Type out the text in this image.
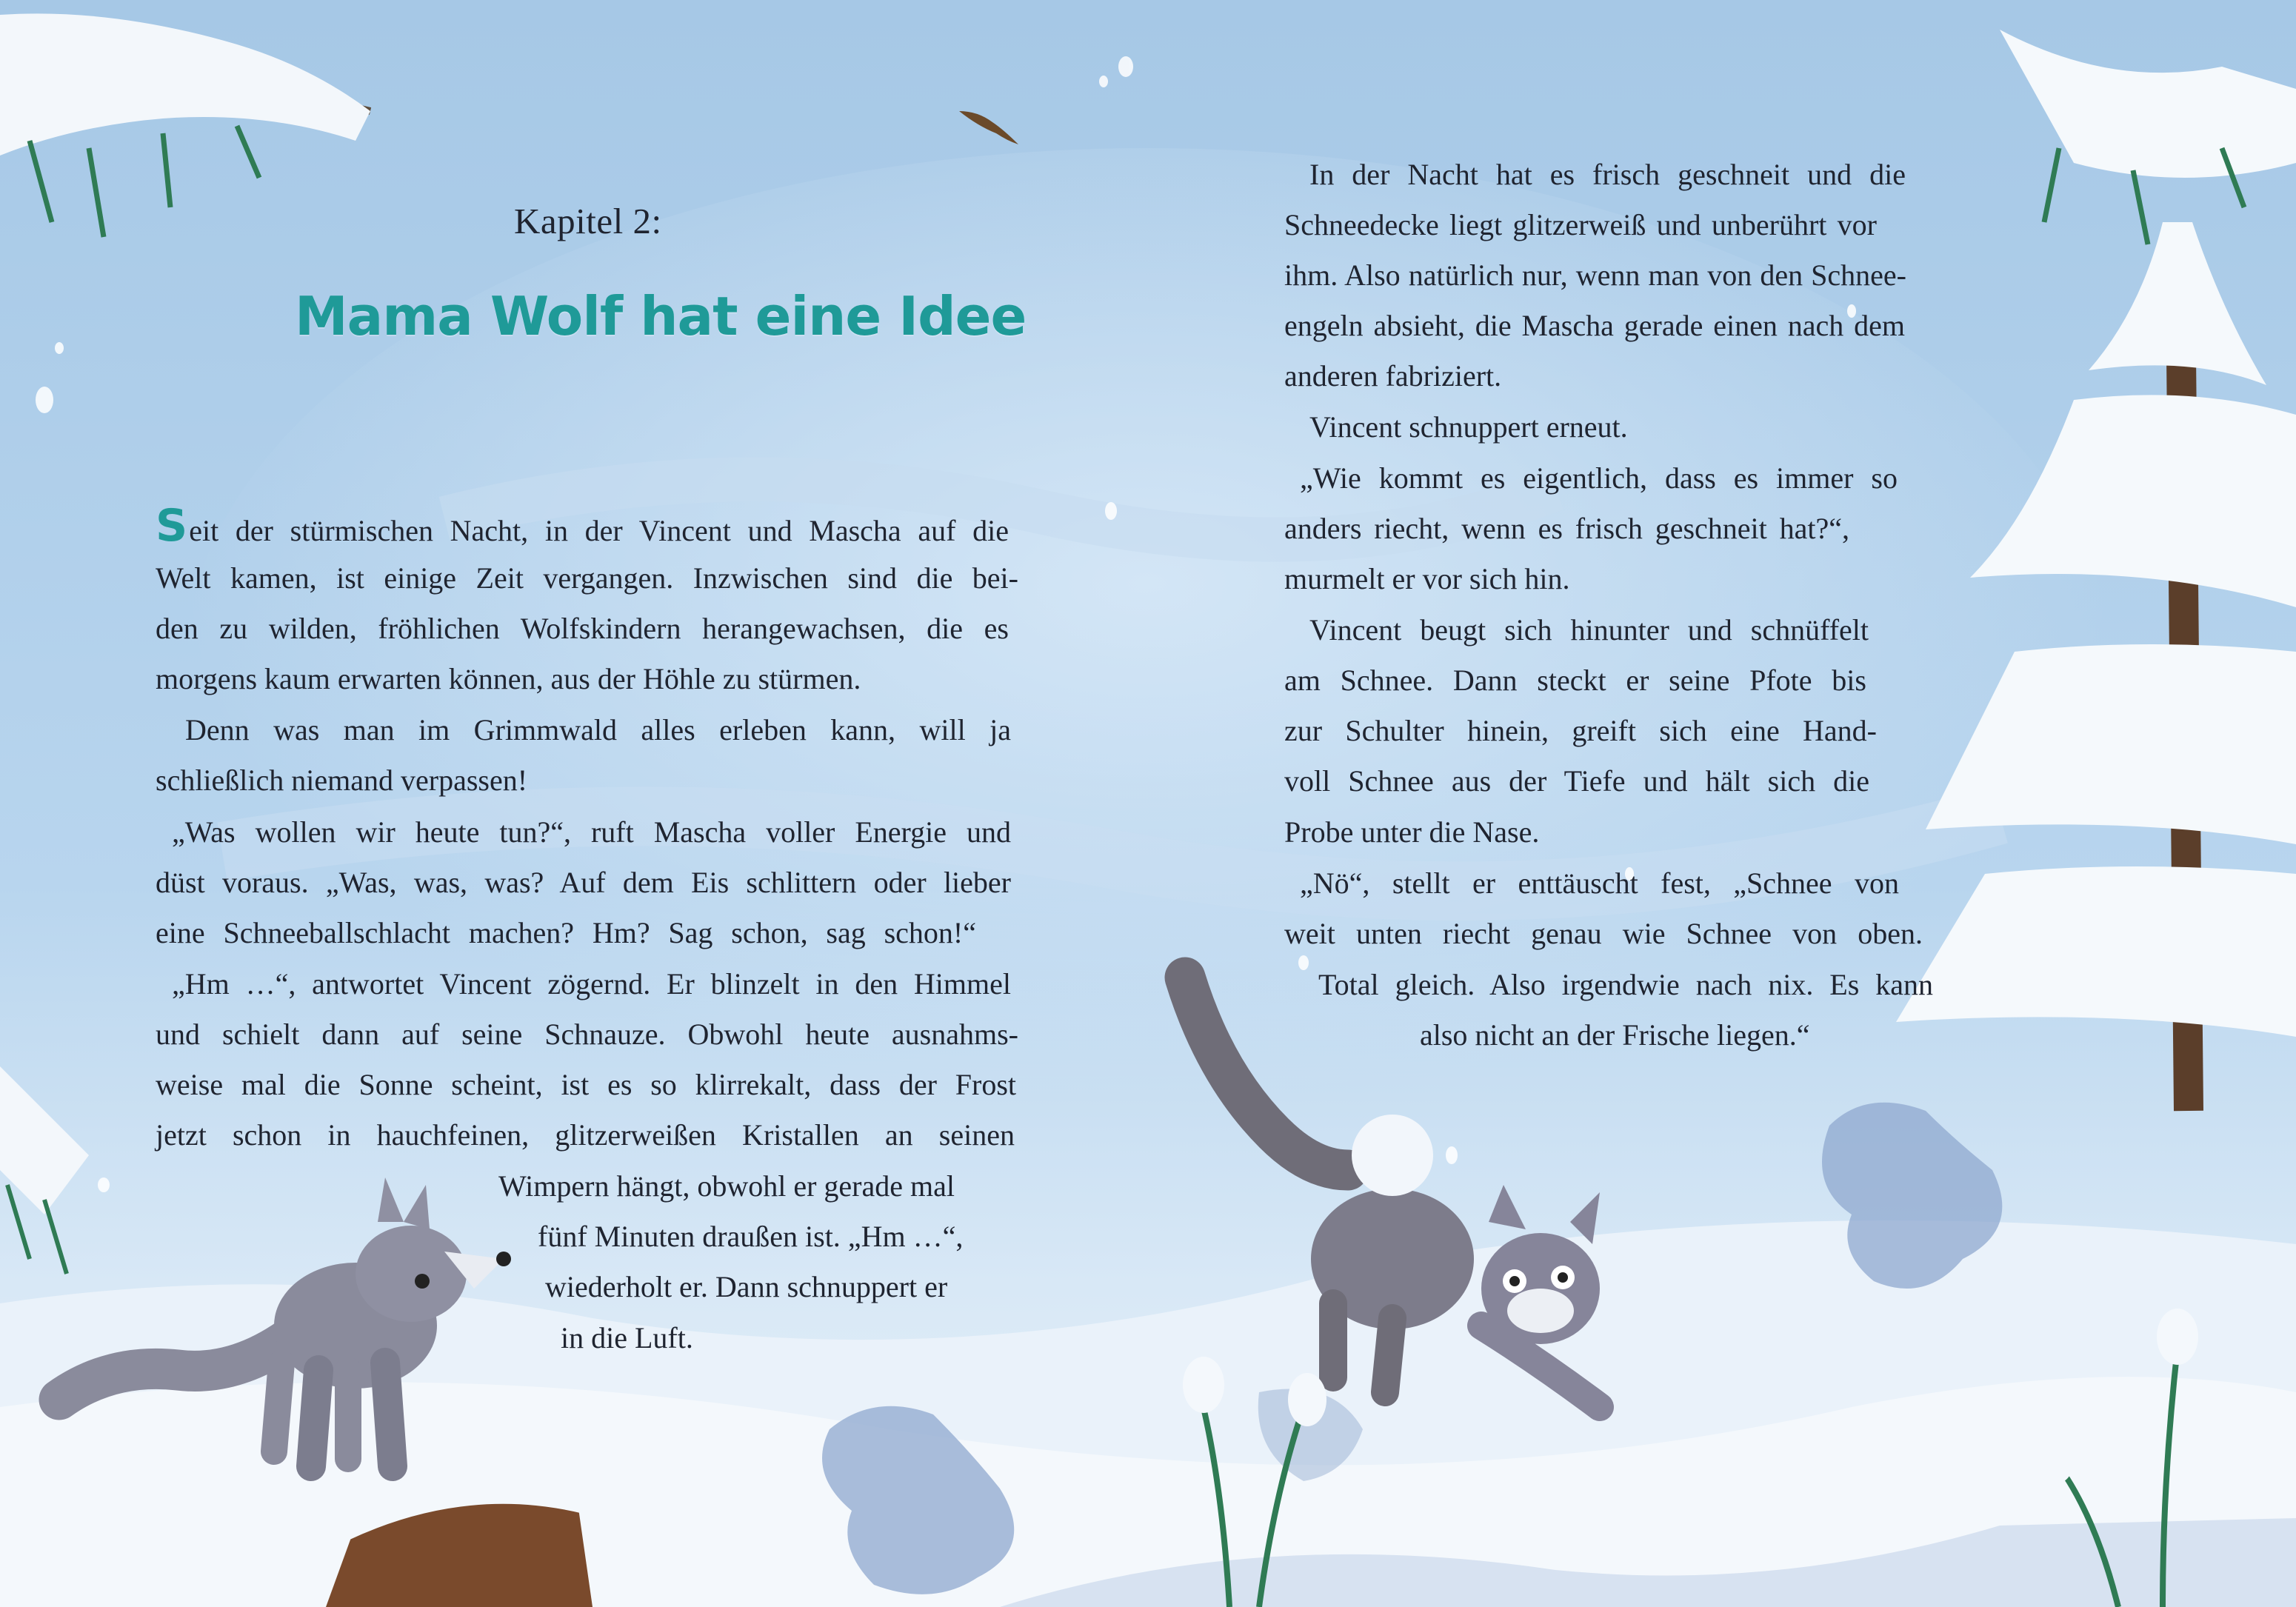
Kapitel 2:
Mama Wolf hat eine Idee
Seit der stürmischen Nacht, in der Vincent und Mascha auf die
Welt kamen, ist einige Zeit vergangen. Inzwischen sind die bei-
den zu wilden, fröhlichen Wolfskindern herangewachsen, die es
morgens kaum erwarten können, aus der Höhle zu stürmen.
Denn was man im Grimmwald alles erleben kann, will ja
schließlich niemand verpassen!
„Was wollen wir heute tun?“, ruft Mascha voller Energie und
düst voraus. „Was, was, was? Auf dem Eis schlittern oder lieber
eine Schneeballschlacht machen? Hm? Sag schon, sag schon!“
„Hm …“, antwortet Vincent zögernd. Er blinzelt in den Himmel
und schielt dann auf seine Schnauze. Obwohl heute ausnahms-
weise mal die Sonne scheint, ist es so klirrekalt, dass der Frost
jetzt schon in hauchfeinen, glitzerweißen Kristallen an seinen
Wimpern hängt, obwohl er gerade mal
fünf Minuten draußen ist. „Hm …“,
wiederholt er. Dann schnuppert er
in die Luft.
In der Nacht hat es frisch geschneit und die
Schneedecke liegt glitzerweiß und unberührt vor
ihm. Also natürlich nur, wenn man von den Schnee-
engeln absieht, die Mascha gerade einen nach dem
anderen fabriziert.
Vincent schnuppert erneut.
„Wie kommt es eigentlich, dass es immer so
anders riecht, wenn es frisch geschneit hat?“,
murmelt er vor sich hin.
Vincent beugt sich hinunter und schnüffelt
am Schnee. Dann steckt er seine Pfote bis
zur Schulter hinein, greift sich eine Hand-
voll Schnee aus der Tiefe und hält sich die
Probe unter die Nase.
„Nö“, stellt er enttäuscht fest, „Schnee von
weit unten riecht genau wie Schnee von oben.
Total gleich. Also irgendwie nach nix. Es kann
also nicht an der Frische liegen.“
